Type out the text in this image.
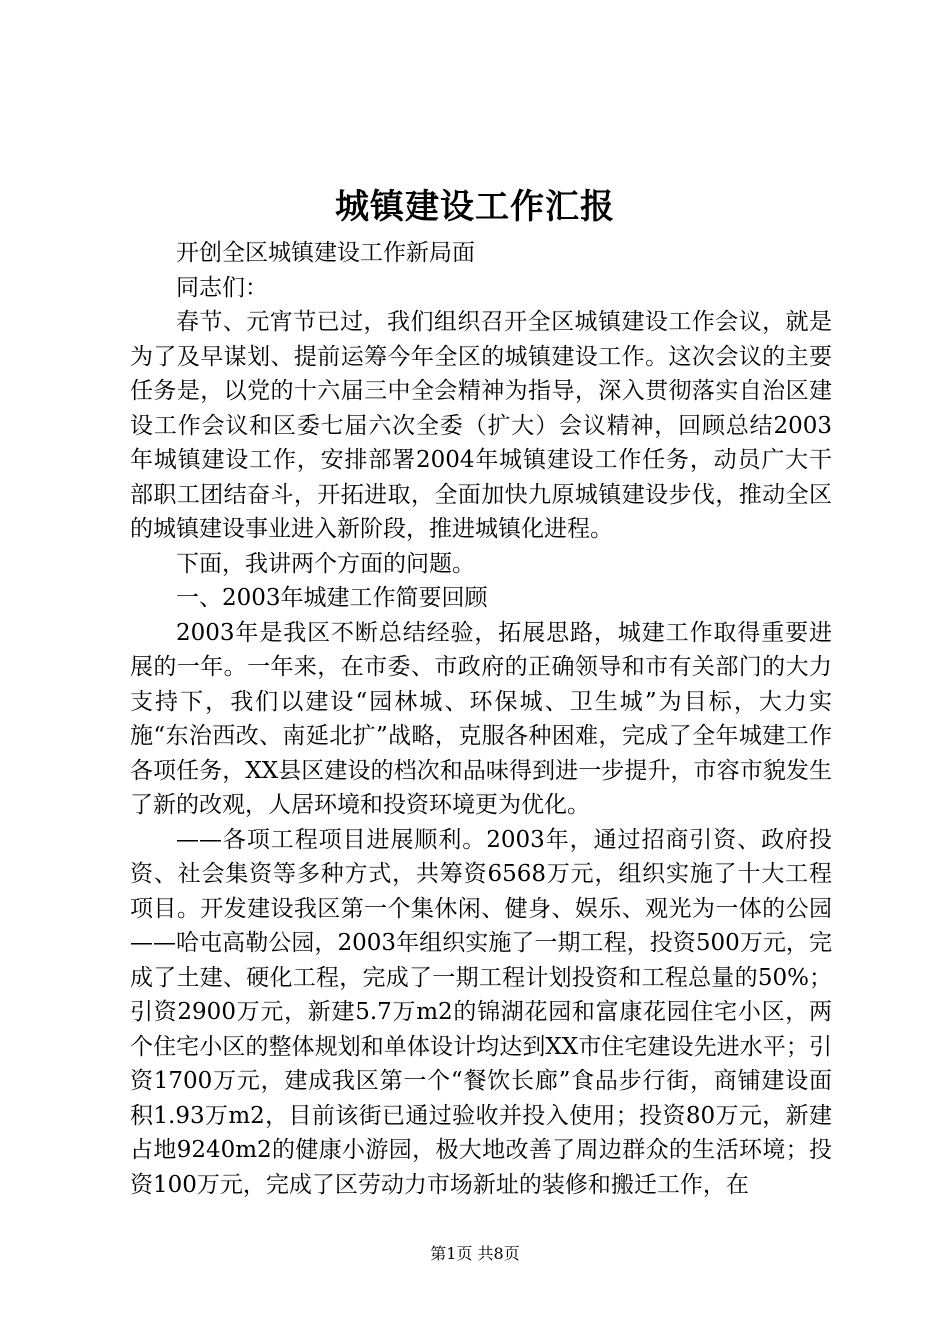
城镇建设工作汇报

开创全区城镇建设工作新局面

同志们：

春节、元宵节已过，我们组织召开全区城镇建设工作会议，就是为了及早谋划、提前运筹今年全区的城镇建设工作。这次会议的主要任务是，以党的十六届三中全会精神为指导，深入贯彻落实自治区建设工作会议和区委七届六次全委（扩大）会议精神，回顾总结2003年城镇建设工作，安排部署2004年城镇建设工作任务，动员广大干部职工团结奋斗，开拓进取，全面加快九原城镇建设步伐，推动全区的城镇建设事业进入新阶段，推进城镇化进程。

下面，我讲两个方面的问题。

一、2003年城建工作简要回顾

2003年是我区不断总结经验，拓展思路，城建工作取得重要进展的一年。一年来，在市委、市政府的正确领导和市有关部门的大力支持下，我们以建设“园林城、环保城、卫生城”为目标，大力实施“东治西改、南延北扩”战略，克服各种困难，完成了全年城建工作各项任务，XX县区建设的档次和品味得到进一步提升，市容市貌发生了新的改观，人居环境和投资环境更为优化。

——各项工程项目进展顺利。2003年，通过招商引资、政府投资、社会集资等多种方式，共筹资6568万元，组织实施了十大工程项目。开发建设我区第一个集休闲、健身、娱乐、观光为一体的公园——哈屯高勒公园，2003年组织实施了一期工程，投资500万元，完成了土建、硬化工程，完成了一期工程计划投资和工程总量的50%；引资2900万元，新建5.7万m2的锦湖花园和富康花园住宅小区，两个住宅小区的整体规划和单体设计均达到XX市住宅建设先进水平；引资1700万元，建成我区第一个“餐饮长廊”食品步行街，商铺建设面积1.93万m2，目前该街已通过验收并投入使用；投资80万元，新建占地9240m2的健康小游园，极大地改善了周边群众的生活环境；投资100万元，完成了区劳动力市场新址的装修和搬迁工作，在

第1页 共8页
